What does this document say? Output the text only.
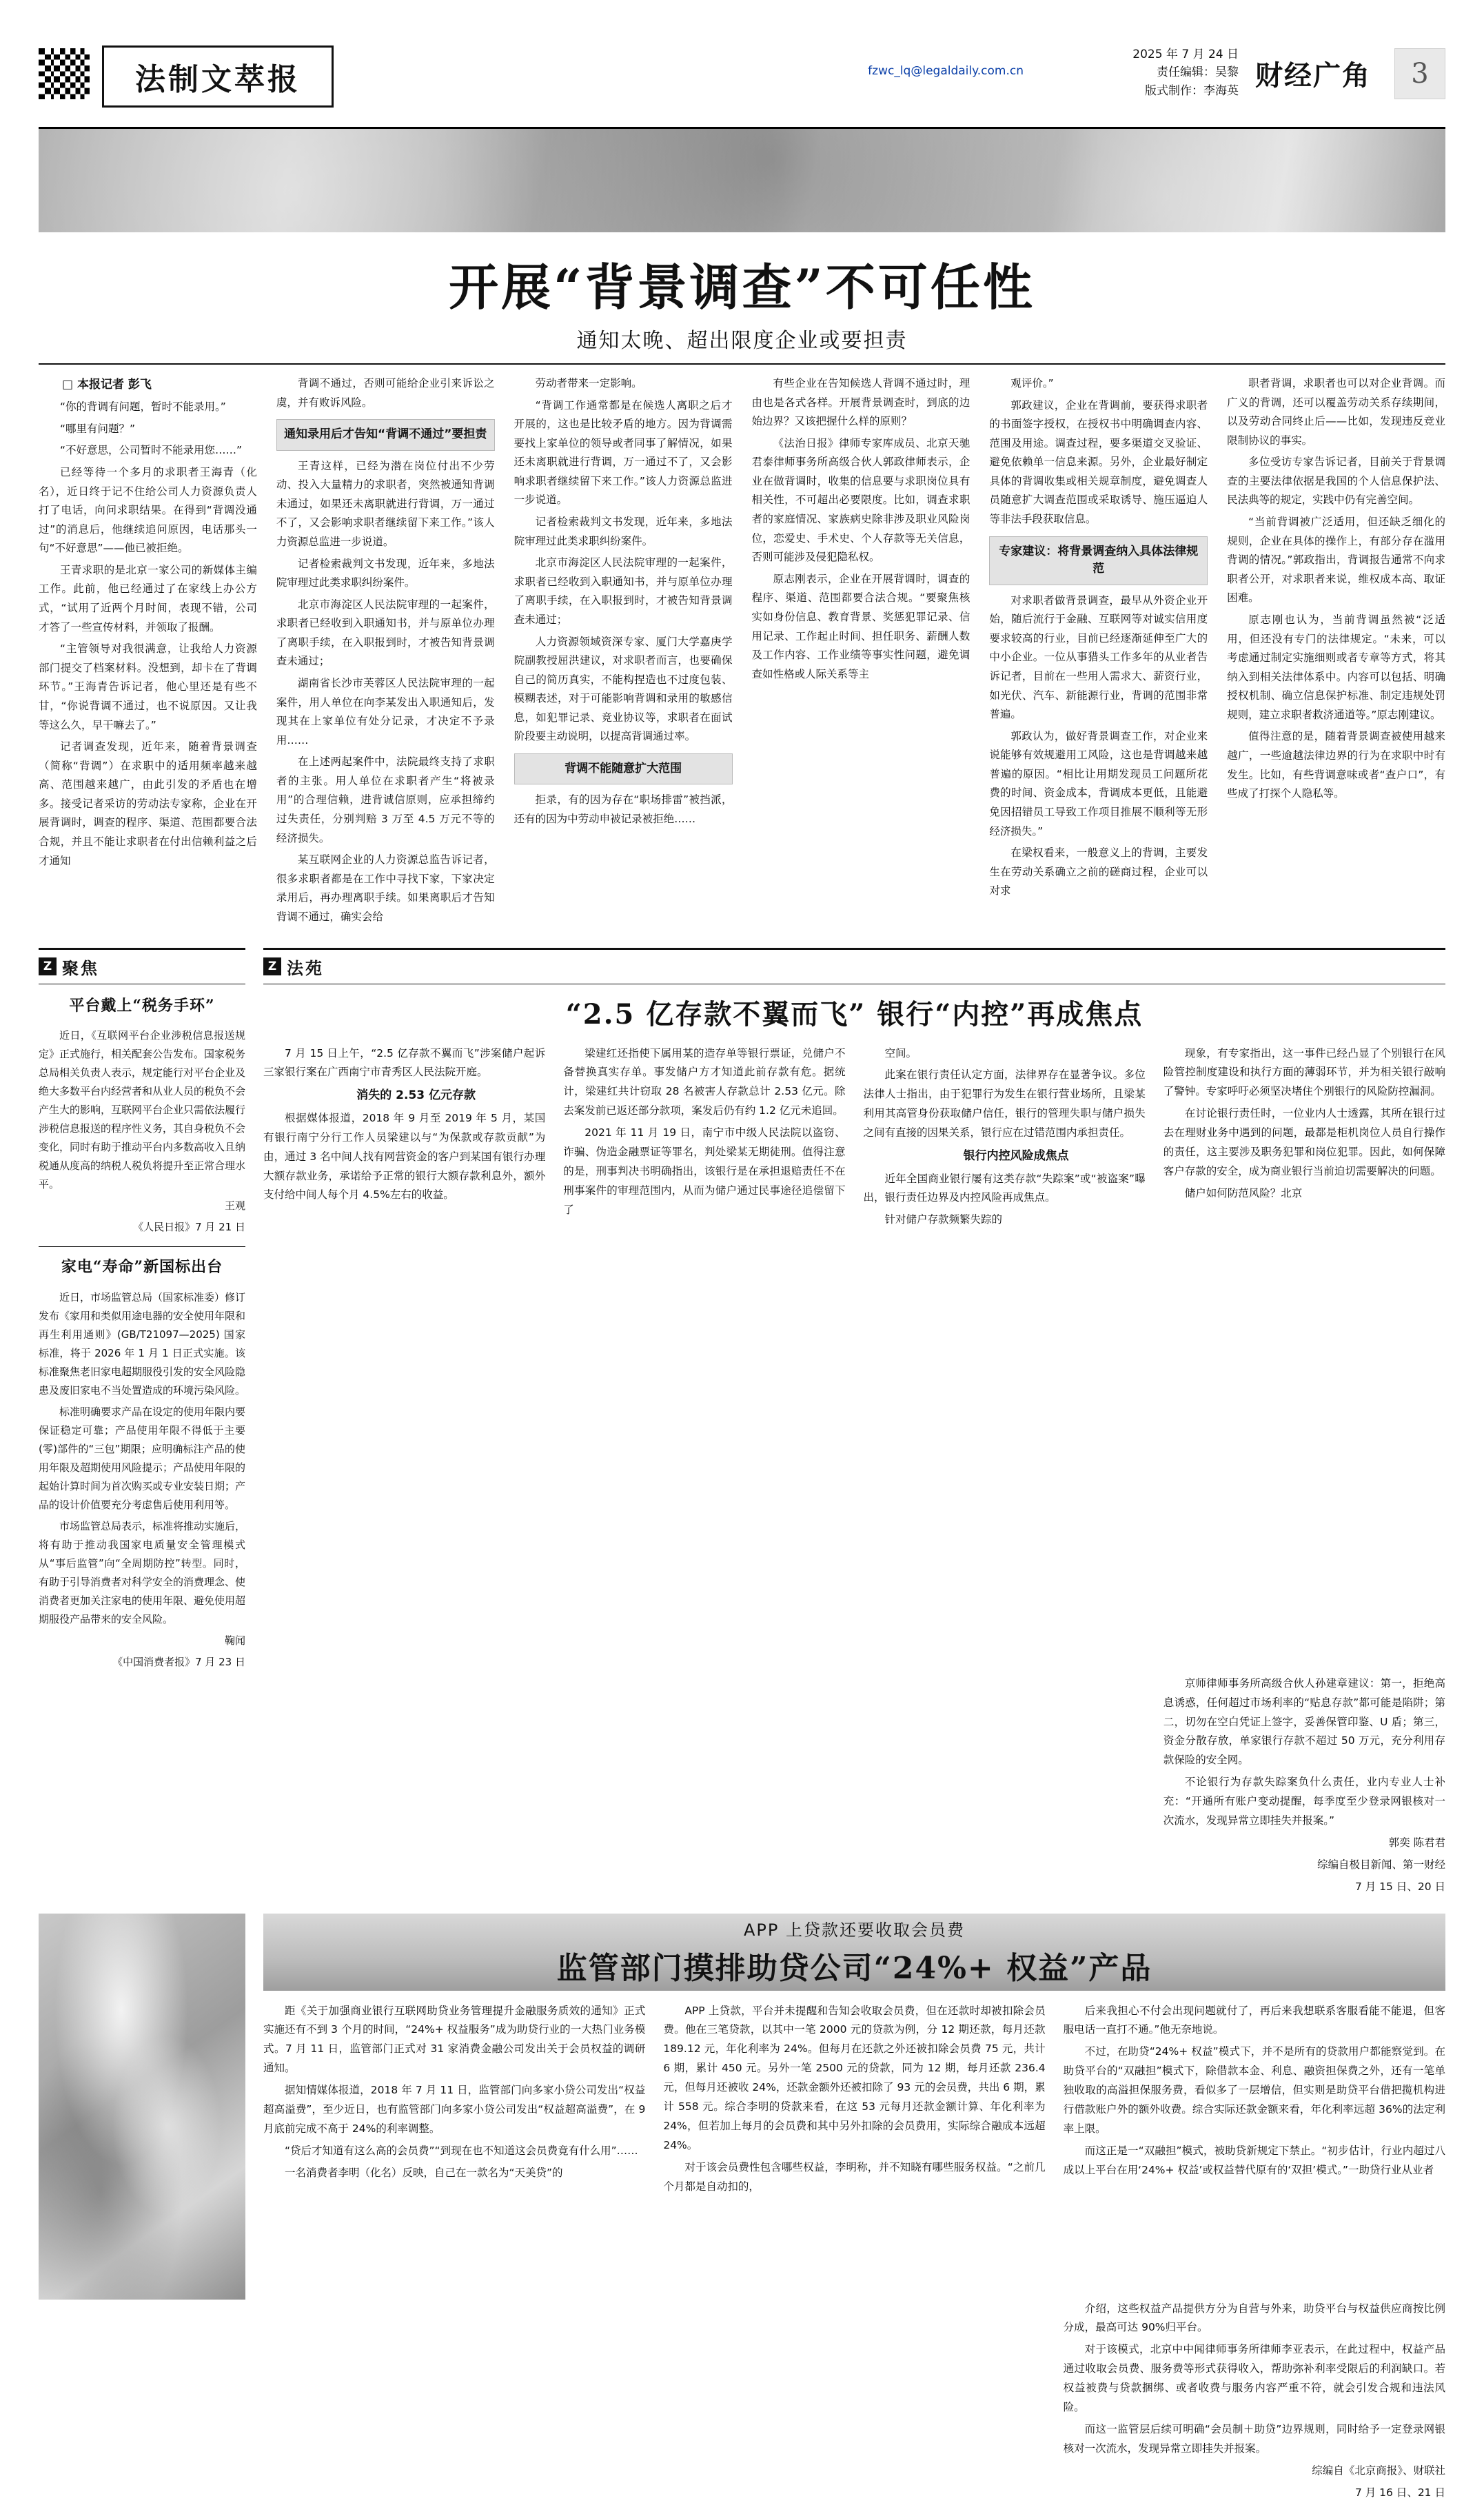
法制文萃报
2025 年 7 月 24 日
责任编辑：吴黎
版式制作：李海英
fzwc_lq@legaldaily.com.cn	财经广角	3
开展“背景调查”不可任性
通知太晚、超出限度企业或要担责

□ 本报记者 彭飞

“你的背调有问题，暂时不能录用。”

“哪里有问题？”

“不好意思，公司暂时不能录用您……”

已经等待一个多月的求职者王海青（化名），近日终于记不住给公司人力资源负责人打了电话，向问求职结果。在得到“背调没通过”的消息后，他继续追问原因，电话那头一句“不好意思”——他已被拒绝。

王青求职的是北京一家公司的新媒体主编工作。此前，他已经通过了在家线上办公方式，“试用了近两个月时间，表现不错，公司才答了一些宣传材料，并领取了报酬。

“主管领导对我很满意，让我给人力资源部门提交了档案材料。没想到，却卡在了背调环节。”王海青告诉记者，他心里还是有些不甘，“你说背调不通过，也不说原因。又让我等这么久，早干嘛去了。”

记者调查发现，近年来，随着背景调查（简称“背调”）在求职中的适用频率越来越高、范围越来越广，由此引发的矛盾也在增多。接受记者采访的劳动法专家称，企业在开展背调时，调查的程序、渠道、范围都要合法合规，并且不能让求职者在付出信赖利益之后才通知

背调不通过，否则可能给企业引来诉讼之虞，并有败诉风险。

通知录用后才告知“背调不通过”要担责

王青这样，已经为潜在岗位付出不少劳动、投入大量精力的求职者，突然被通知背调未通过，如果还未离职就进行背调，万一通过不了，又会影响求职者继续留下来工作。”该人力资源总监进一步说道。

记者检索裁判文书发现，近年来，多地法院审理过此类求职纠纷案件。

北京市海淀区人民法院审理的一起案件，求职者已经收到入职通知书，并与原单位办理了离职手续，在入职报到时，才被告知背景调查未通过；

湖南省长沙市芙蓉区人民法院审理的一起案件，用人单位在向李某发出入职通知后，发现其在上家单位有处分记录，才决定不予录用……

在上述两起案件中，法院最终支持了求职者的主张。用人单位在求职者产生“将被录用”的合理信赖，进背诚信原则，应承担缔约过失责任，分别判赔 3 万至 4.5 万元不等的经济损失。

某互联网企业的人力资源总监告诉记者，很多求职者都是在工作中寻找下家，下家决定录用后，再办理离职手续。如果离职后才告知背调不通过，确实会给

劳动者带来一定影响。

“背调工作通常都是在候选人离职之后才开展的，这也是比较矛盾的地方。因为背调需要找上家单位的领导或者同事了解情况，如果还未离职就进行背调，万一通过不了，又会影响求职者继续留下来工作。”该人力资源总监进一步说道。

记者检索裁判文书发现，近年来，多地法院审理过此类求职纠纷案件。

北京市海淀区人民法院审理的一起案件，求职者已经收到入职通知书，并与原单位办理了离职手续，在入职报到时，才被告知背景调查未通过；

人力资源领域资深专家、厦门大学嘉庚学院副教授屈洪建议，对求职者而言，也要确保自己的简历真实，不能构捏造也不过度包装、模糊表述，对于可能影响背调和录用的敏感信息，如犯罪记录、竞业协议等，求职者在面试阶段要主动说明，以提高背调通过率。

背调不能随意扩大范围

拒录，有的因为存在“职场排雷”被挡派，还有的因为中劳动申被记录被拒绝……

有些企业在告知候选人背调不通过时，理由也是各式各样。开展背景调查时，到底的边始边界？又该把握什么样的原则？

《法治日报》律师专家库成员、北京天驰君泰律师事务所高级合伙人郭政律师表示，企业在做背调时，收集的信息要与求职岗位具有相关性，不可超出必要限度。比如，调查求职者的家庭情况、家族病史除非涉及职业风险岗位，恋爱史、手术史、个人存款等无关信息，否则可能涉及侵犯隐私权。

原志刚表示，企业在开展背调时，调查的程序、渠道、范围都要合法合规。“要聚焦核实如身份信息、教育背景、奖惩犯罪记录、信用记录、工作起止时间、担任职务、薪酬人数及工作内容、工作业绩等事实性问题，避免调查如性格或人际关系等主

观评价。”

郭政建议，企业在背调前，要获得求职者的书面签字授权，在授权书中明确调查内容、范围及用途。调查过程，要多渠道交叉验证、避免依赖单一信息来源。另外，企业最好制定具体的背调收集或相关规章制度，避免调查人员随意扩大调查范围或采取诱导、施压逼迫人等非法手段获取信息。

专家建议：将背景调查纳入具体法律规范

对求职者做背景调查，最早从外资企业开始，随后流行于金融、互联网等对诚实信用度要求较高的行业，目前已经逐渐延伸至广大的中小企业。一位从事猎头工作多年的从业者告诉记者，目前在一些用人需求大、薪资行业，如光伏、汽车、新能源行业，背调的范围非常普遍。

郭政认为，做好背景调查工作，对企业来说能够有效规避用工风险，这也是背调越来越普遍的原因。“相比让用期发现员工问题所花费的时间、资金成本，背调成本更低，且能避免因招错员工导致工作项目推展不顺利等无形经济损失。”

在梁权看来，一般意义上的背调，主要发生在劳动关系确立之前的磋商过程，企业可以对求

职者背调，求职者也可以对企业背调。而广义的背调，还可以覆盖劳动关系存续期间，以及劳动合同终止后——比如，发现违反竞业限制协议的事实。

多位受访专家告诉记者，目前关于背景调查的主要法律依据是我国的个人信息保护法、民法典等的规定，实践中仍有完善空间。

“当前背调被广泛适用，但还缺乏细化的规则，企业在具体的操作上，有部分存在滥用背调的情况。”郭政指出，背调报告通常不向求职者公开，对求职者来说，维权成本高、取证困难。

原志刚也认为，当前背调虽然被“泛适用，但还没有专门的法律规定。“未来，可以考虑通过制定实施细则或者专章等方式，将其纳入到相关法律体系中。内容可以包括、明确授权机制、确立信息保护标准、制定违规处罚规则，建立求职者救济通道等。”原志刚建议。

值得注意的是，随着背景调查被使用越来越广，一些逾越法律边界的行为在求职中时有发生。比如，有些背调意味或者“查户口”，有些成了打探个人隐私等。

Z 聚焦
平台戴上“税务手环”

近日，《互联网平台企业涉税信息报送规定》正式施行，相关配套公告发布。国家税务总局相关负责人表示，规定能行对平台企业及绝大多数平台内经营者和从业人员的税负不会产生大的影响，互联网平台企业只需依法履行涉税信息报送的程序性义务，其自身税负不会变化，同时有助于推动平台内多数高收入且纳税通从度高的纳税人税负将提升至正常合理水平。

王观

《人民日报》7 月 21 日

家电“寿命”新国标出台

近日，市场监管总局（国家标准委）修订发布《家用和类似用途电器的安全使用年限和再生利用通则》(GB/T21097—2025) 国家标准，将于 2026 年 1 月 1 日正式实施。该标准聚焦老旧家电超期服役引发的安全风险隐患及废旧家电不当处置造成的环境污染风险。

标准明确要求产品在设定的使用年限内要保证稳定可靠；产品使用年限不得低于主要(零)部件的“三包”期限；应明确标注产品的使用年限及超期使用风险提示；产品使用年限的起始计算时间为首次购买或专业安装日期；产品的设计价值要充分考虑售后使用利用等。

市场监管总局表示，标准将推动实施后，将有助于推动我国家电质量安全管理模式从“事后监管”向“全周期防控”转型。同时，有助于引导消费者对科学安全的消费理念、使消费者更加关注家电的使用年限、避免使用超期服役产品带来的安全风险。

鞠闻

《中国消费者报》7 月 23 日

Z 法苑
“2.5 亿存款不翼而飞” 银行“内控”再成焦点

7 月 15 日上午，“2.5 亿存款不翼而飞”涉案储户起诉三家银行案在广西南宁市青秀区人民法院开庭。

消失的 2.53 亿元存款

根据媒体报道，2018 年 9 月至 2019 年 5 月，某国有银行南宁分行工作人员梁建以与“为保款或存款贡献”为由，通过 3 名中间人找有网营资金的客户到某国有银行办理大额存款业务，承诺给予正常的银行大额存款利息外，额外支付给中间人每个月 4.5%左右的收益。

梁建红还指使下属用某的造存单等银行票证，兑储户不备替换真实存单。事发储户方才知道此前存款有危。据统计，梁建红共计窃取 28 名被害人存款总计 2.53 亿元。除去案发前已返还部分款项，案发后仍有约 1.2 亿元未追回。

2021 年 11 月 19 日，南宁市中级人民法院以盗窃、诈骗、伪造金融票证等罪名，判处梁某无期徒刑。值得注意的是，刑事判决书明确指出，该银行是在承担退赔责任不在刑事案件的审理范围内，从而为储户通过民事途径追偿留下了

空间。

此案在银行责任认定方面，法律界存在显著争议。多位法律人士指出，由于犯罪行为发生在银行营业场所，且梁某利用其高管身份获取储户信任，银行的管理失职与储户损失之间有直接的因果关系，银行应在过错范围内承担责任。

银行内控风险成焦点

近年全国商业银行屡有这类存款“失踪案”或“被盗案”曝出，银行责任边界及内控风险再成焦点。

针对储户存款频繁失踪的

现象，有专家指出，这一事件已经凸显了个别银行在风险管控制度建设和执行方面的薄弱环节，并为相关银行敲响了警钟。专家呼吁必须坚决堵住个别银行的风险防控漏洞。

在讨论银行责任时，一位业内人士透露，其所在银行过去在理财业务中遇到的问题，最都是柜机岗位人员自行操作的责任，这主要涉及职务犯罪和岗位犯罪。因此，如何保障客户存款的安全，成为商业银行当前迫切需要解决的问题。

储户如何防范风险？北京

京师律师事务所高级合伙人孙建章建议：第一，拒绝高息诱惑，任何超过市场利率的“贴息存款”都可能是陷阱；第二，切勿在空白凭证上签字，妥善保管印鉴、U 盾；第三，资金分散存放，单家银行存款不超过 50 万元，充分利用存款保险的安全网。

不论银行为存款失踪案负什么责任，业内专业人士补充：“开通所有账户变动提醒，每季度至少登录网银核对一次流水，发现异常立即挂失并报案。”

郭奕 陈君君

综编自极目新闻、第一财经

7 月 15 日、20 日

APP 上贷款还要收取会员费
监管部门摸排助贷公司“24%+ 权益”产品

距《关于加强商业银行互联网助贷业务管理提升金融服务质效的通知》正式实施还有不到 3 个月的时间，“24%+ 权益服务”成为助贷行业的一大热门业务模式。7 月 11 日，监管部门正式对 31 家消费金融公司发出关于会员权益的调研通知。

据知情媒体报道，2018 年 7 月 11 日，监管部门向多家小贷公司发出“权益超高溢费”，至少近日，也有监管部门向多家小贷公司发出“权益超高溢费”，在 9 月底前完成不高于 24%的利率调整。

“贷后才知道有这么高的会员费”“到现在也不知道这会员费竟有什么用”……

一名消费者李明（化名）反映，自己在一款名为“天美贷”的

APP 上贷款，平台并未提醒和告知会收取会员费，但在还款时却被扣除会员费。他在三笔贷款，以其中一笔 2000 元的贷款为例，分 12 期还款，每月还款 189.12 元，年化利率为 24%。但每月在还款之外还被扣除会员费 75 元，共计 6 期，累计 450 元。另外一笔 2500 元的贷款，同为 12 期，每月还款 236.4 元，但每月还被收 24%，还款金额外还被扣除了 93 元的会员费，共出 6 期，累计 558 元。综合李明的贷款来看，在这 53 元每月还款金额计算、年化利率为 24%，但若加上每月的会员费和其中另外扣除的会员费用，实际综合融成本远超 24%。

对于该会员费性包含哪些权益，李明称，并不知晓有哪些服务权益。“之前几个月都是自动扣的，

后来我担心不付会出现问题就付了，再后来我想联系客服看能不能退，但客服电话一直打不通。”他无奈地说。

不过，在助贷“24%+ 权益”模式下，并不是所有的贷款用户都能察觉到。在助贷平台的“双融担”模式下，除借款本金、利息、融资担保费之外，还有一笔单独收取的高溢担保服务费，看似多了一层增信，但实则是助贷平台借把揽机构进行借款账户外的额外收费。综合实际还款金额来看，年化利率远超 36%的法定利率上限。

而这正是一“双融担”模式，被助贷新规定下禁止。“初步估计，行业内超过八成以上平台在用‘24%+ 权益’或权益替代原有的‘双担’模式。”一助贷行业从业者

介绍，这些权益产品提供方分为自营与外来，助贷平台与权益供应商按比例分成，最高可达 90%归平台。

对于该模式，北京中中闻律师事务所律师李亚表示，在此过程中，权益产品通过收取会员费、服务费等形式获得收入，帮助弥补利率受限后的利润缺口。若权益被费与贷款捆绑、或者收费与服务内容严重不符，就会引发合规和违法风险。

而这一监管层后续可明确“会员制＋助贷”边界规则，同时给予一定登录网银核对一次流水，发现异常立即挂失并报案。

综编自《北京商报》、财联社

7 月 16 日、21 日
